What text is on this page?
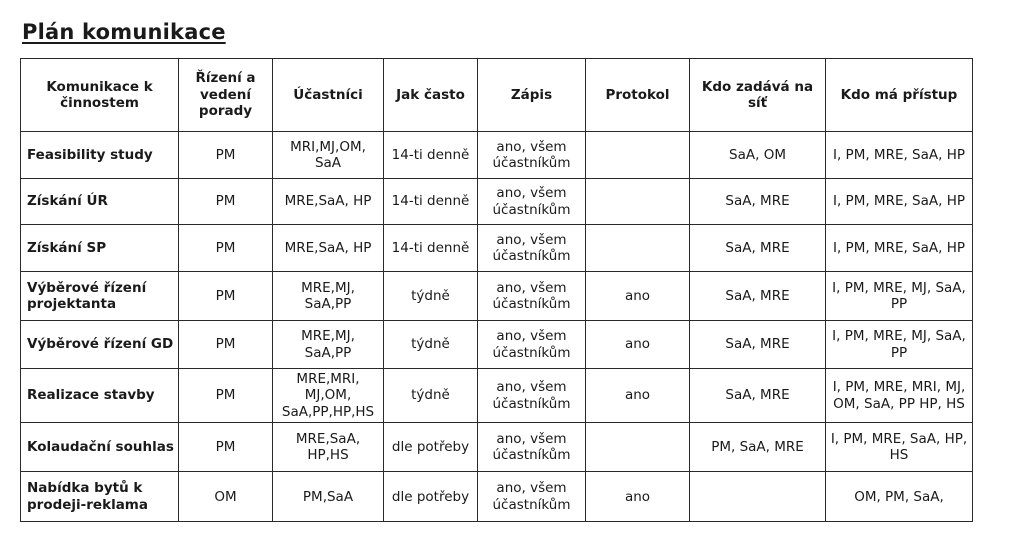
Plán komunikace
Komunikace k činnostem	Řízení a vedení porady	Účastníci	Jak často	Zápis	Protokol	Kdo zadává na síť	Kdo má přístup
Feasibility study	PM	MRI,MJ,OM, SaA	14-ti denně	ano, všem účastníkům		SaA, OM	I, PM, MRE, SaA, HP
Získání ÚR	PM	MRE,SaA, HP	14-ti denně	ano, všem účastníkům		SaA, MRE	I, PM, MRE, SaA, HP
Získání SP	PM	MRE,SaA, HP	14-ti denně	ano, všem účastníkům		SaA, MRE	I, PM, MRE, SaA, HP
Výběrové řízení projektanta	PM	MRE,MJ, SaA,PP	týdně	ano, všem účastníkům	ano	SaA, MRE	I, PM, MRE, MJ, SaA, PP
Výběrové řízení GD	PM	MRE,MJ, SaA,PP	týdně	ano, všem účastníkům	ano	SaA, MRE	I, PM, MRE, MJ, SaA, PP
Realizace stavby	PM	MRE,MRI, MJ,OM, SaA,PP,HP,HS	týdně	ano, všem účastníkům	ano	SaA, MRE	I, PM, MRE, MRI, MJ, OM, SaA, PP HP, HS
Kolaudační souhlas	PM	MRE,SaA, HP,HS	dle potřeby	ano, všem účastníkům		PM, SaA, MRE	I, PM, MRE, SaA, HP, HS
Nabídka bytů k prodeji-reklama	OM	PM,SaA	dle potřeby	ano, všem účastníkům	ano		OM, PM, SaA,
